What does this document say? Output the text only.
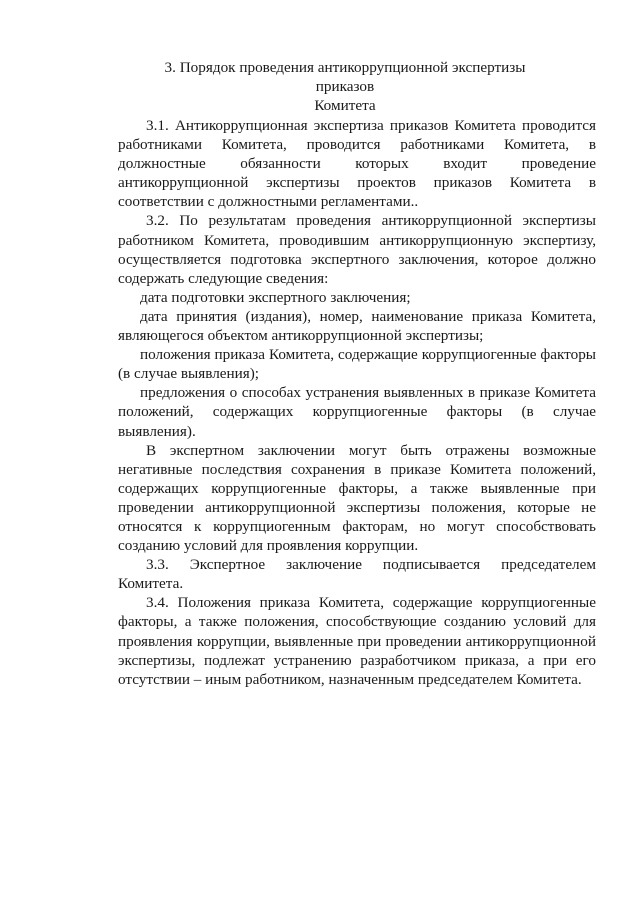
3. Порядок проведения антикоррупционной экспертизы приказов
Комитета

3.1. Антикоррупционная экспертиза приказов Комитета проводится работниками Комитета, проводится работниками Комитета, в должностные обязанности которых входит проведение антикоррупционной экспертизы проектов приказов Комитета в соответствии с должностными регламентами..

3.2. По результатам проведения антикоррупционной экспертизы работником Комитета, проводившим антикоррупционную экспертизу, осуществляется подготовка экспертного заключения, которое должно содержать следующие сведения:

дата подготовки экспертного заключения;

дата принятия (издания), номер, наименование приказа Комитета, являющегося объектом антикоррупционной экспертизы;

положения приказа Комитета, содержащие коррупциогенные факторы (в случае выявления);

предложения о способах устранения выявленных в приказе Комитета положений, содержащих коррупциогенные факторы (в случае выявления).

В экспертном заключении могут быть отражены возможные негативные последствия сохранения в приказе Комитета положений, содержащих коррупциогенные факторы, а также выявленные при проведении антикоррупционной экспертизы положения, которые не относятся к коррупциогенным факторам, но могут способствовать созданию условий для проявления коррупции.

3.3. Экспертное заключение подписывается председателем Комитета.

3.4. Положения приказа Комитета, содержащие коррупциогенные факторы, а также положения, способствующие созданию условий для проявления коррупции, выявленные при проведении антикоррупционной экспертизы, подлежат устранению разработчиком приказа, а при его отсутствии – иным работником, назначенным председателем Комитета.
